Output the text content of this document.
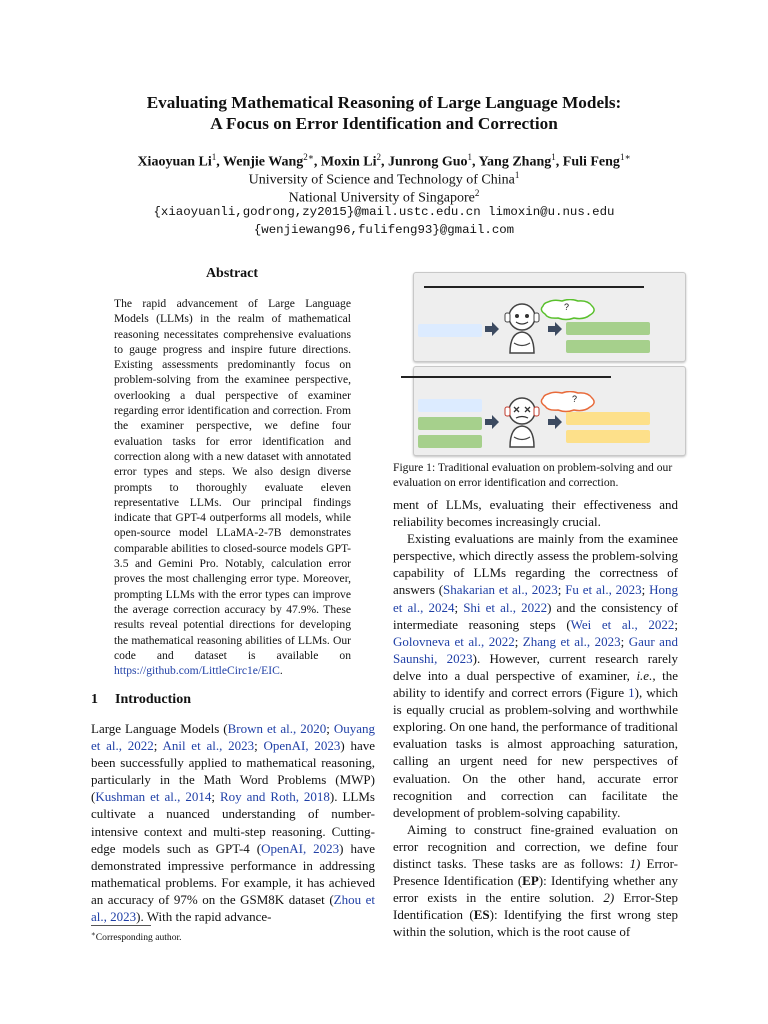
Evaluating Mathematical Reasoning of Large Language Models:
A Focus on Error Identification and Correction
Xiaoyuan Li$^1$, Wenjie Wang$^{2∗}$, Moxin Li$^2$, Junrong Guo$^1$, Yang Zhang$^1$, Fuli Feng$^{1∗}$
University of Science and Technology of China$^1$
National University of Singapore$^2$
{xiaoyuanli,godrong,zy2015}@mail.ustc.edu.cn limoxin@u.nus.edu
{wenjiewang96,fulifeng93}@gmail.com
Abstract
The rapid advancement of Large Language Models (LLMs) in the realm of mathematical reasoning necessitates comprehensive evaluations to gauge progress and inspire future directions. Existing assessments predominantly focus on problem-solving from the examinee perspective, overlooking a dual perspective of examiner regarding error identification and correction. From the examiner perspective, we define four evaluation tasks for error identification and correction along with a new dataset with annotated error types and steps. We also design diverse prompts to thoroughly evaluate eleven representative LLMs. Our principal findings indicate that GPT-4 outperforms all models, while open-source model LLaMA-2-7B demonstrates comparable abilities to closed-source models GPT-3.5 and Gemini Pro. Notably, calculation error proves the most challenging error type. Moreover, prompting LLMs with the error types can improve the average correction accuracy by 47.9%. These results reveal potential directions for developing the mathematical reasoning abilities of LLMs. Our code and dataset is available on https://github.com/LittleCirc1e/EIC.
1 Introduction
Large Language Models (Brown et al., 2020; Ouyang et al., 2022; Anil et al., 2023; OpenAI, 2023) have been successfully applied to mathematical reasoning, particularly in the Math Word Problems (MWP) (Kushman et al., 2014; Roy and Roth, 2018). LLMs cultivate a nuanced understanding of number-intensive context and multi-step reasoning. Cutting-edge models such as GPT-4 (OpenAI, 2023) have demonstrated impressive performance in addressing mathematical problems. For example, it has achieved an accuracy of 97% on the GSM8K dataset (Zhou et al., 2023). With the rapid advance-
∗Corresponding author.
?
?
Figure 1: Traditional evaluation on problem-solving and our evaluation on error identification and correction.

ment of LLMs, evaluating their effectiveness and reliability becomes increasingly crucial.

Existing evaluations are mainly from the examinee perspective, which directly assess the problem-solving capability of LLMs regarding the correctness of answers (Shakarian et al., 2023; Fu et al., 2023; Hong et al., 2024; Shi et al., 2022) and the consistency of intermediate reasoning steps (Wei et al., 2022; Golovneva et al., 2022; Zhang et al., 2023; Gaur and Saunshi, 2023). However, current research rarely delve into a dual perspective of examiner, i.e., the ability to identify and correct errors (Figure 1), which is equally crucial as problem-solving and worthwhile exploring. On one hand, the performance of traditional evaluation tasks is almost approaching saturation, calling an urgent need for new perspectives of evaluation. On the other hand, accurate error recognition and correction can facilitate the development of problem-solving capability.

Aiming to construct fine-grained evaluation on error recognition and correction, we define four distinct tasks. These tasks are as follows: 1) Error-Presence Identification (EP): Identifying whether any error exists in the entire solution. 2) Error-Step Identification (ES): Identifying the first wrong step within the solution, which is the root cause of
